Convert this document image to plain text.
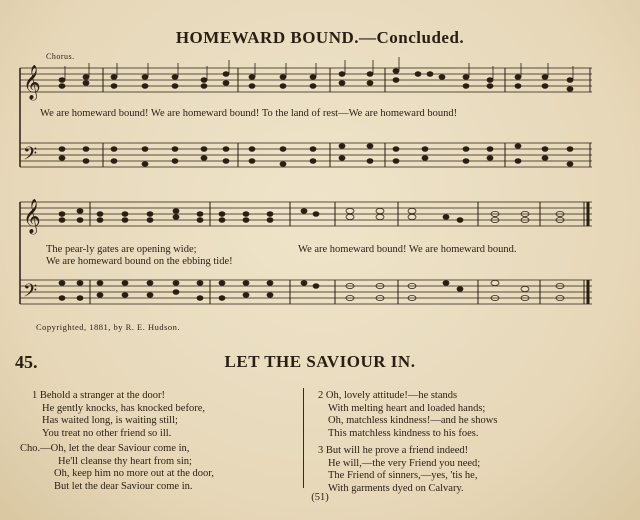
HOMEWARD BOUND.—Concluded.
Chorus.
𝄞
𝄢
𝄞
𝄢
We are homeward bound! We are homeward bound! To the land of rest—We are homeward bound!
The pear-ly gates are opening wide;
We are homeward bound on the ebbing tide!
We are homeward bound! We are homeward bound.
Copyrighted, 1881, by R. E. Hudson.
45.	LET THE SAVIOUR IN.
1 Behold a stranger at the door!
He gently knocks, has knocked before,
Has waited long, is waiting still;
You treat no other friend so ill.
Cho.—Oh, let the dear Saviour come in,
He'll cleanse thy heart from sin;
Oh, keep him no more out at the door,
But let the dear Saviour come in.
2 Oh, lovely attitude!—he stands
With melting heart and loaded hands;
Oh, matchless kindness!—and he shows
This matchless kindness to his foes.
3 But will he prove a friend indeed!
He will,—the very Friend you need;
The Friend of sinners,—yes, 'tis he,
With garments dyed on Calvary.
(51)
